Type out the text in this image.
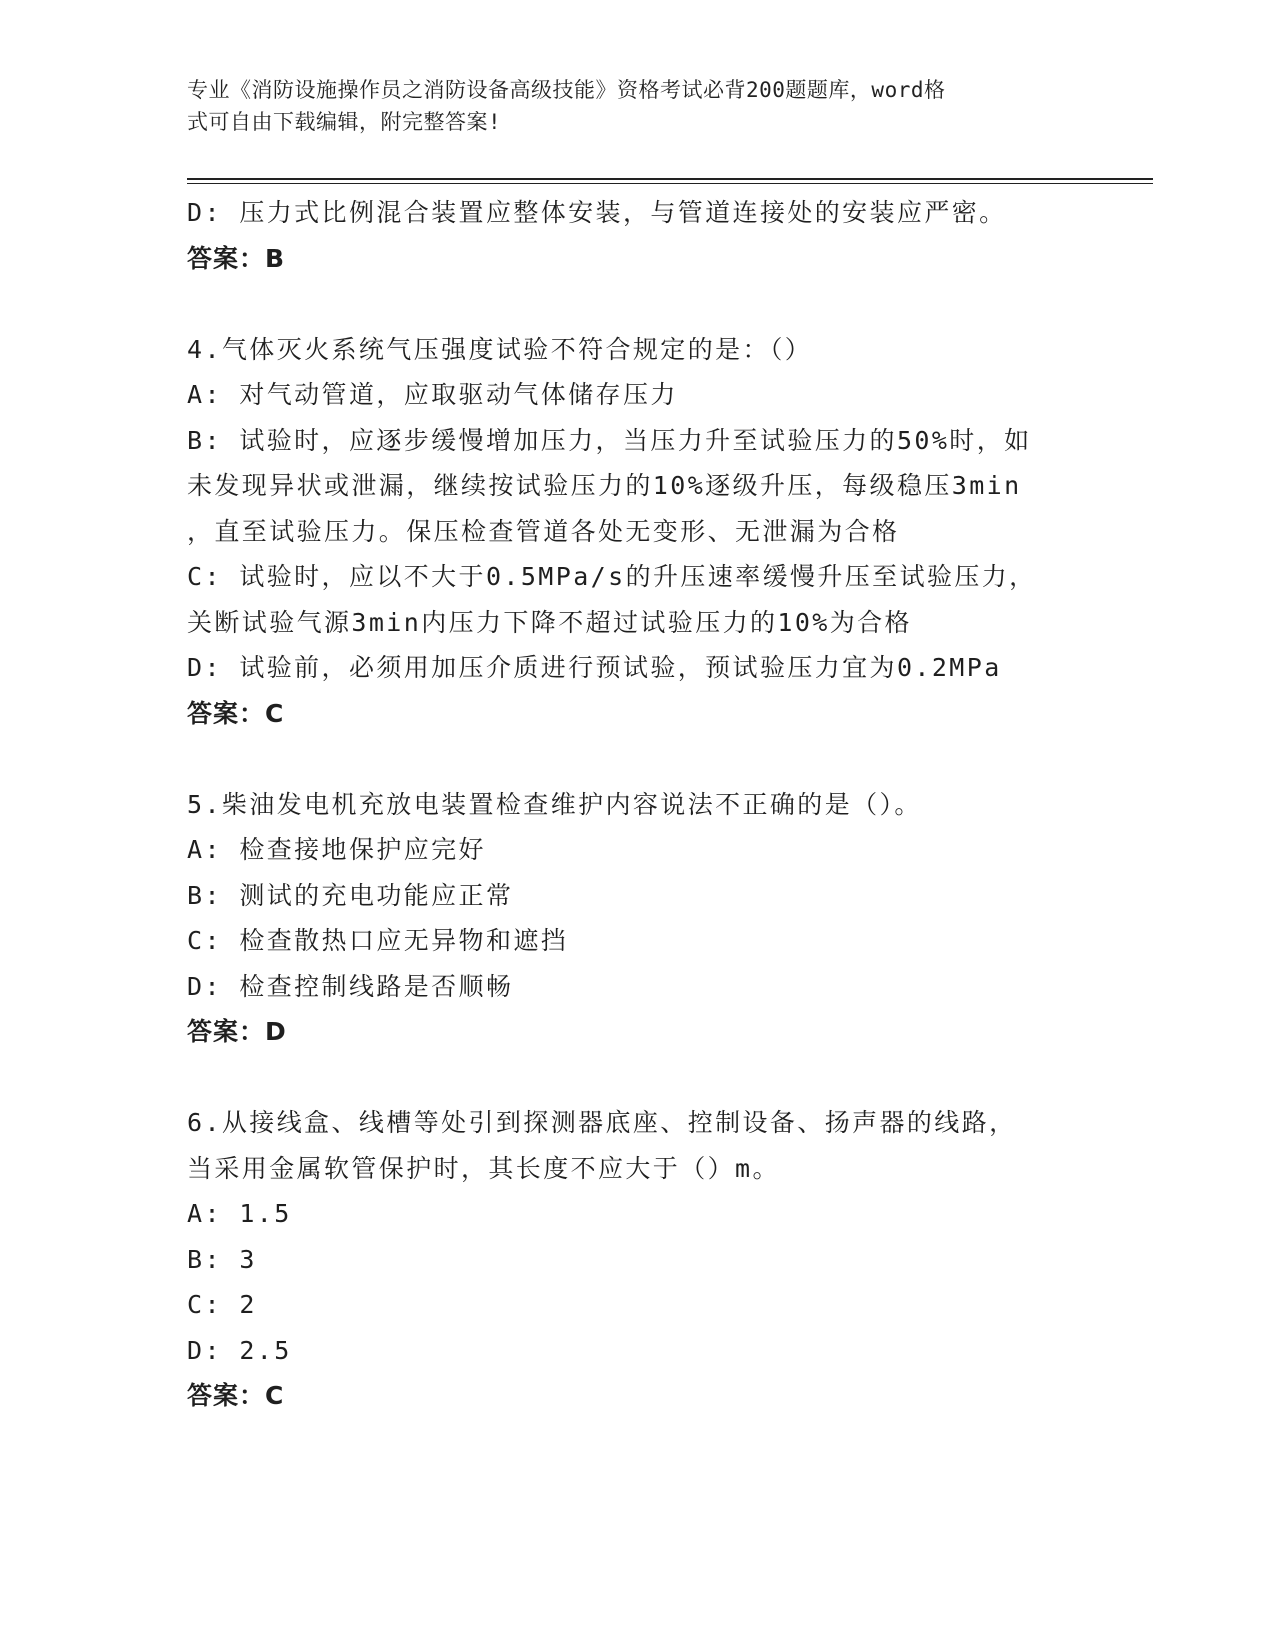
专业《消防设施操作员之消防设备高级技能》资格考试必背200题题库，word格
式可自由下载编辑，附完整答案!
D: 压力式比例混合装置应整体安装，与管道连接处的安装应严密。
答案：B
4.气体灭火系统气压强度试验不符合规定的是：（）
A: 对气动管道，应取驱动气体储存压力
B: 试验时，应逐步缓慢增加压力，当压力升至试验压力的50%时，如
未发现异状或泄漏，继续按试验压力的10%逐级升压，每级稳压3min
，直至试验压力。保压检查管道各处无变形、无泄漏为合格
C: 试验时，应以不大于0.5MPa/s的升压速率缓慢升压至试验压力，
关断试验气源3min内压力下降不超过试验压力的10%为合格
D: 试验前，必须用加压介质进行预试验，预试验压力宜为0.2MPa
答案：C
5.柴油发电机充放电装置检查维护内容说法不正确的是（）。
A: 检查接地保护应完好
B: 测试的充电功能应正常
C: 检查散热口应无异物和遮挡
D: 检查控制线路是否顺畅
答案：D
6.从接线盒、线槽等处引到探测器底座、控制设备、扬声器的线路，
当采用金属软管保护时，其长度不应大于（）m。
A: 1.5
B: 3
C: 2
D: 2.5
答案：C
